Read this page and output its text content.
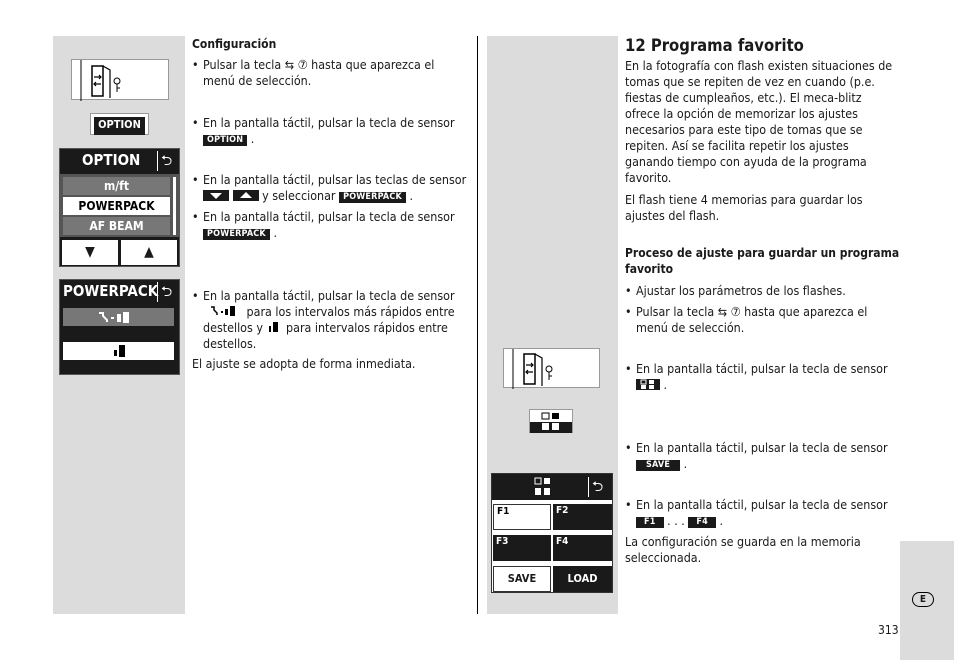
OPTION
OPTION ⮌
m/ft
POWERPACK
AF BEAM
▼	▲
POWERPACK ⮌
Configuración
• Pulsar la tecla ⇆ ⑦ hasta que aparezca el menú de selección.
• En la pantalla táctil, pulsar la tecla de sensor OPTION .
• En la pantalla táctil, pulsar las teclas de sensor   y seleccionar POWERPACK .
• En la pantalla táctil, pulsar la tecla de sensor POWERPACK .
• En la pantalla táctil, pulsar la tecla de sensor  para los intervalos más rápidos entre destellos y para intervalos rápidos entre destellos.
El ajuste se adopta de forma inmediata.
⮌
F1	F2
F3	F4
SAVE	LOAD
12 Programa favorito
En la fotografía con flash existen situaciones de tomas que se repiten de vez en cuando (p.e. fiestas de cumpleaños, etc.). El meca-blitz ofrece la opción de memorizar los ajustes necesarios para este tipo de tomas que se repiten. Así se facilita repetir los ajustes ganando tiempo con ayuda de la programa favorito.
El flash tiene 4 memorias para guardar los ajustes del flash.
Proceso de ajuste para guardar un programa favorito
• Ajustar los parámetros de los flashes.
• Pulsar la tecla ⇆ ⑦ hasta que aparezca el menú de selección.
• En la pantalla táctil, pulsar la tecla de sensor
.
• En la pantalla táctil, pulsar la tecla de sensor SAVE .
• En la pantalla táctil, pulsar la tecla de sensor F1 . . . F4 .
La configuración se guarda en la memoria seleccionada.
E
313
